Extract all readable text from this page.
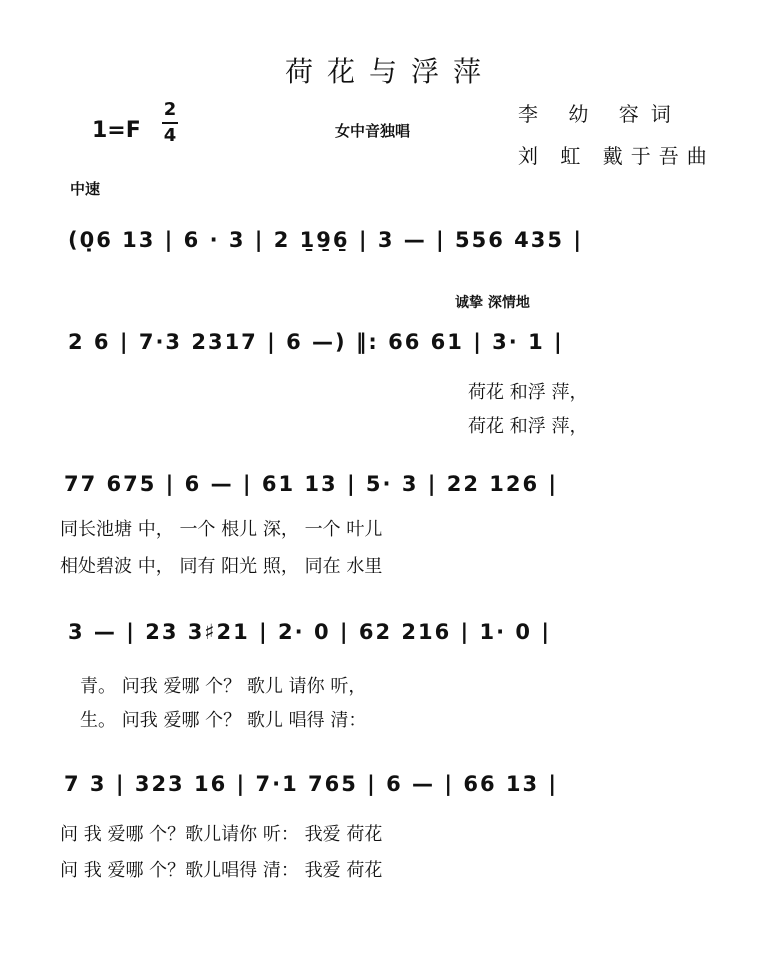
荷花与浮萍
1=F
2
4	女中音独唱
李 幼 容词
刘 虹 戴于吾曲
中速
诚挚 深情地
(0̣6 13 | 6 · 3 | 2 1̱9̱6̱ | 3 — | 556 435 |
2 6 | 7·3 2317 | 6 —) ‖: 66 61 | 3· 1 |
荷花 和浮 萍，
荷花 和浮 萍，
77 675 | 6 — | 61 13 | 5· 3 | 22 126 |
同长池塘 中， 一个 根儿 深， 一个 叶儿
相处碧波 中， 同有 阳光 照， 同在 水里
3 — | 23 3♯21 | 2· 0 | 62 216 | 1· 0 |
青。 问我 爱哪 个？ 歌儿 请你 听，
生。 问我 爱哪 个？ 歌儿 唱得 清：
7 3 | 323 16 | 7·1 765 | 6 — | 66 13 |
问 我 爱哪 个？歌儿请你 听： 我爱 荷花
问 我 爱哪 个？歌儿唱得 清： 我爱 荷花
